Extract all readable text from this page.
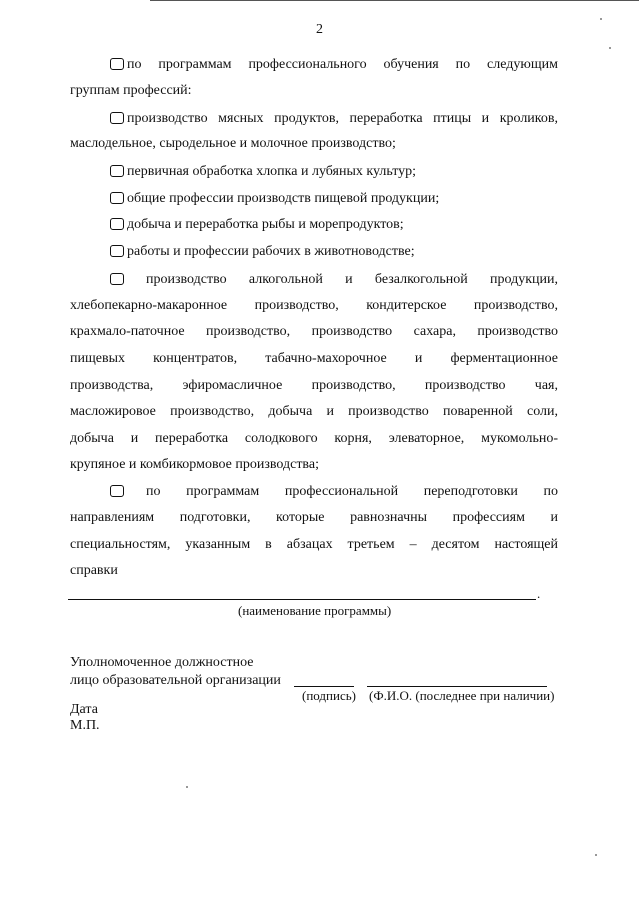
2
по программам профессионального обучения по следующим
группам профессий:
производство мясных продуктов, переработка птицы и кроликов,
маслодельное, сыродельное и молочное производство;
первичная обработка хлопка и лубяных культур;
общие профессии производств пищевой продукции;
добыча и переработка рыбы и морепродуктов;
работы и профессии рабочих в животноводстве;
производство алкогольной и безалкогольной продукции,
хлебопекарно-макаронное производство, кондитерское производство,
крахмало-паточное производство, производство сахара, производство
пищевых концентратов, табачно-махорочное и ферментационное
производства, эфиромасличное производство, производство чая,
масложировое производство, добыча и производство поваренной соли,
добыча и переработка солодкового корня, элеваторное, мукомольно-
крупяное и комбикормовое производства;
по программам профессиональной переподготовки по
направлениям подготовки, которые равнозначны профессиям и
специальностям, указанным в абзацах третьем – десятом настоящей
справки
.
(наименование программы)
Уполномоченное должностное
лицо образовательной организации
(подпись) (Ф.И.О. (последнее при наличии)
Дата
М.П.
